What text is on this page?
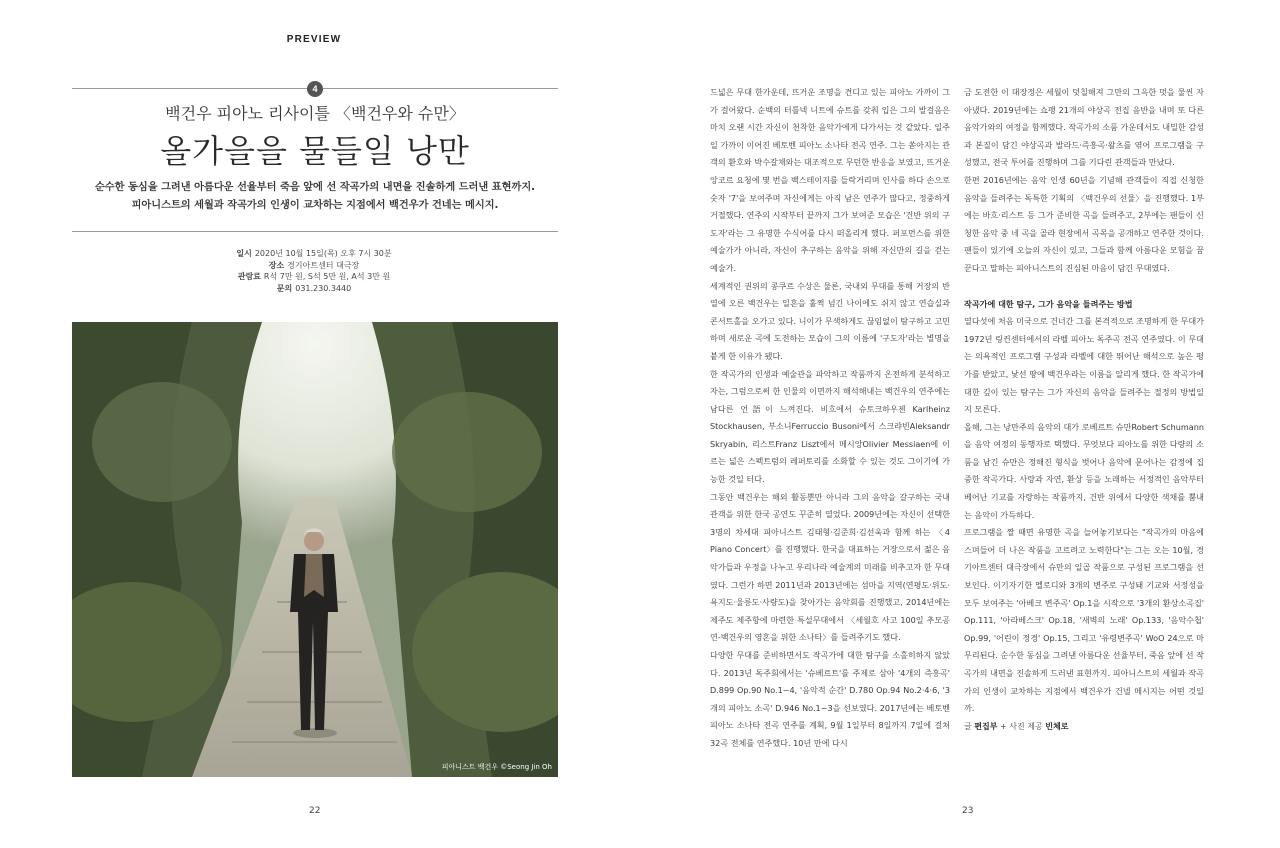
PREVIEW
4
백건우 피아노 리사이틀 〈백건우와 슈만〉
올가을을 물들일 낭만
순수한 동심을 그려낸 아름다운 선율부터 죽음 앞에 선 작곡가의 내면을 진솔하게 드러낸 표현까지.
피아니스트의 세월과 작곡가의 인생이 교차하는 지점에서 백건우가 건네는 메시지.
일시 2020년 10월 15일(목) 오후 7시 30분
장소 경기아트센터 대극장
관람료 R석 7만 원, S석 5만 원, A석 3만 원
문의 031.230.3440
피아니스트 백건우 ©Seong Jin Oh
22

드넓은 무대 한가운데, 뜨거운 조명을 견디고 있는 피아노 가까이 그가 걸어왔다. 순백의 터틀넥 니트에 슈트를 갖춰 입은 그의 발걸음은 마치 오랜 시간 자신이 천착한 음악가에게 다가서는 것 같았다. 일주일 가까이 이어진 베토벤 피아노 소나타 전곡 연주. 그는 쏟아지는 관객의 환호와 박수갈채와는 대조적으로 무던한 반응을 보였고, 뜨거운 앙코르 요청에 몇 번을 백스테이지를 들락거리며 인사를 하다 손으로 숫자 '7'을 보여주며 자신에게는 아직 남은 연주가 많다고, 정중하게 거절했다. 연주의 시작부터 끝까지 그가 보여준 모습은 '건반 위의 구도자'라는 그 유명한 수식어를 다시 떠올리게 했다. 퍼포먼스를 위한 예술가가 아니라, 자신이 추구하는 음악을 위해 자신만의 길을 걷는 예술가.

세계적인 권위의 콩쿠르 수상은 물론, 국내외 무대를 통해 거장의 반열에 오른 백건우는 일흔을 훌쩍 넘긴 나이에도 쉬지 않고 연습실과 콘서트홀을 오가고 있다. 니이가 무색하게도 끊임없이 탐구하고 고민하며 새로운 곡에 도전하는 모습이 그의 이름에 '구도자'라는 별명을 붙게 한 이유가 됐다.

한 작곡가의 인생과 예술관을 파악하고 작품까지 온전하게 분석하고자는, 그럼으로써 한 인물의 이면까지 해석해내는 백건우의 연주에는 남다른 언語이 느껴진다. 비흐에서 슈토크하우젠 Karlheinz Stockhausen, 부소니Ferruccio Busoni에서 스크랴빈Aleksandr Skryabin, 리스트Franz Liszt에서 메시앙Olivier Messiaen에 이르는 넓은 스펙트럼의 레퍼토리를 소화할 수 있는 것도 그이기에 가능한 것일 터다.

그동안 백건우는 해외 활동뿐만 아니라 그의 음악을 갈구하는 국내 관객을 위한 한국 공연도 꾸준히 열었다. 2009년에는 자신이 선택한 3명의 차세대 피아니스트 김태형·김준희·김선욱과 함께 하는 〈4 Piano Concert〉를 진행했다. 한국을 대표하는 거장으로서 젊은 음악가들과 우정을 나누고 우리나라 예술계의 미래를 비추고자 한 무대였다. 그런가 하면 2011년과 2013년에는 섬마을 지역(연평도·위도·욕지도·울릉도·사량도)을 찾아가는 음악회를 진행했고, 2014년에는 제주도 제주항에 마련한 특설무대에서 〈세월호 사고 100일 추모공연-백건우의 영혼을 위한 소나타〉를 들려주기도 했다.

다양한 무대를 준비하면서도 작곡가에 대한 탐구를 소홀히하지 않았다. 2013년 독주회에서는 '슈베르트'를 주제로 삼아 '4개의 즉흥곡' D.899 Op.90 No.1~4, '음악적 순간' D.780 Op.94 No.2·4·6, '3개의 피아노 소곡' D.946 No.1~3을 선보였다. 2017년에는 베토벤 피아노 소나타 전곡 연주를 계획, 9월 1일부터 8일까지 7일에 걸쳐 32곡 전체를 연주했다. 10년 만에 다시

금 도전한 이 대장정은 세월이 덧칠해져 그만의 그윽한 멋을 물씬 자아냈다. 2019년에는 쇼팽 21개의 야상곡 전집 음반을 내며 또 다른 음악가와의 여정을 함께했다. 작곡가의 소품 가운데서도 내밀한 감성과 본질이 담긴 야상곡과 발라드·즉흥곡·왈츠를 엮어 프로그램을 구성했고, 전국 투어를 진행하며 그를 기다린 관객들과 만났다.

한편 2016년에는 음악 인생 60년을 기념해 관객들이 직접 신청한 음악을 들려주는 독특한 기획의 〈백건우의 선물〉을 진행했다. 1부에는 바흐·리스트 등 그가 준비한 곡을 들려주고, 2부에는 팬들이 신청한 음악 중 네 곡을 골라 현장에서 곡목을 공개하고 연주한 것이다. 팬들이 있기에 오늘의 자신이 있고, 그들과 함께 아름다운 모험을 꿈꾼다고 말하는 피아니스트의 진심된 마음이 담긴 무대였다.

작곡가에 대한 탐구, 그가 음악을 들려주는 방법

열다섯에 처음 미국으로 건너간 그를 본격적으로 조명하게 한 무대가 1972년 링컨센터에서의 라벨 피아노 독주곡 전곡 연주였다. 이 무대는 의욕적인 프로그램 구성과 라벨에 대한 뛰어난 해석으로 높은 평가를 받았고, 낯선 땅에 백건우라는 이름을 알리게 했다. 한 작곡가에 대한 깊이 있는 탐구는 그가 자신의 음악을 들려주는 절정의 방법일지 모른다.

올해, 그는 낭만주의 음악의 대가 로베르트 슈만Robert Schumann을 음악 여정의 동행자로 택했다. 무엇보다 피아노를 위한 다량의 소품을 남긴 슈만은 정해진 형식을 벗어나 음악에 문어나는 감정에 집중한 작곡가다. 사랑과 자연, 환상 등을 노래하는 서정적인 음악부터 베어난 기교를 자랑하는 작품까지, 건반 위에서 다양한 색채를 뿜내는 음악이 가득하다.

프로그램을 짤 때면 유명한 곡을 늘어놓기보다는 "작곡가의 마음에 스며들어 더 나은 작품을 고르려고 노력한다"는 그는 오는 10월, 경기아트센터 대극장에서 슈만의 일곱 작품으로 구성된 프로그램을 선보인다. 이기자기한 멜로디와 3개의 변주로 구성돼 기교와 서정성을 모두 보여주는 '아베크 변주곡' Op.1을 시작으로 '3개의 환상소곡집' Op.111, '아라베스크' Op.18, '새벽의 노래' Op.133, '음악수첩' Op.99, '어린이 정경' Op.15, 그리고 '유령변주곡' WoO 24으로 마무리된다. 순수한 동심을 그려낸 아름다운 선율부터, 죽음 앞에 선 작곡가의 내면을 진솔하게 드러낸 표현까지. 피아니스트의 세월과 작곡가의 인생이 교차하는 지점에서 백건우가 건넬 메시지는 어떤 것일까.

글 편집부 + 사진 제공 빈체로

23
